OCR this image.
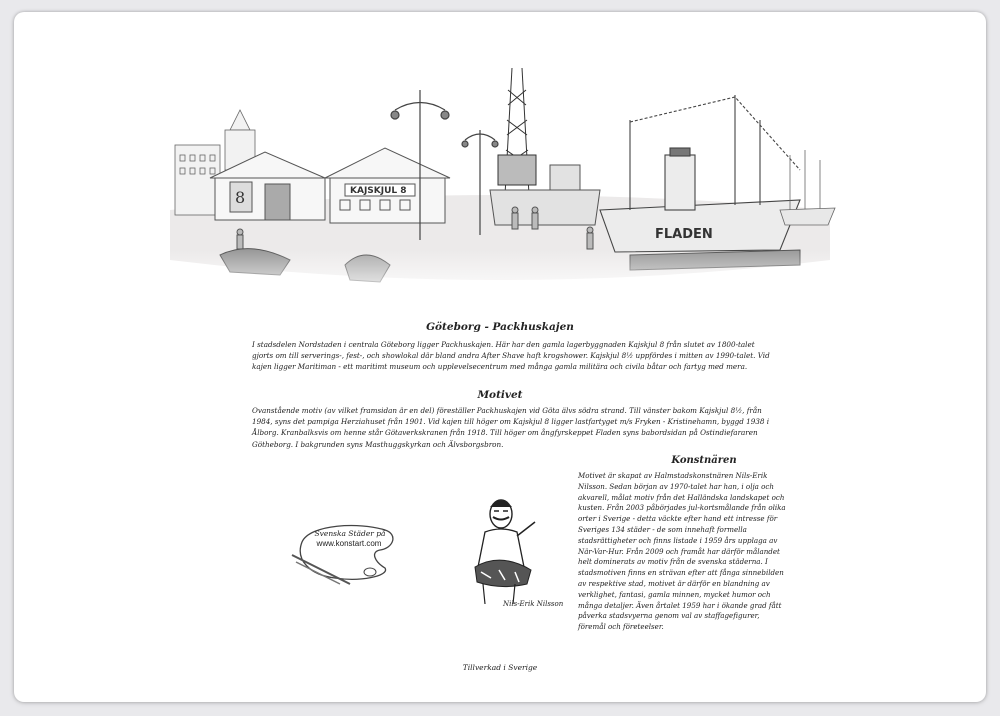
8	KAJSKJUL 8
FLADEN
Göteborg - Packhuskajen
I stadsdelen Nordstaden i centrala Göteborg ligger Packhuskajen. Här har den gamla lagerbyggnaden Kajskjul 8 från slutet av 1800-talet gjorts om till serverings-, fest-, och showlokal där bland andra After Shave haft krogshower. Kajskjul 8½ uppfördes i mitten av 1990-talet. Vid kajen ligger Maritiman - ett maritimt museum och upplevelsecentrum med många gamla militära och civila båtar och fartyg med mera.
Motivet
Ovanstående motiv (av vilket framsidan är en del) föreställer Packhuskajen vid Göta älvs södra strand. Till vänster bakom Kajskjul 8½, från 1984, syns det pampiga Herziahuset från 1901. Vid kajen till höger om Kajskjul 8 ligger lastfartyget m/s Fryken - Kristinehamn, byggd 1938 i Ålborg. Kranbalksvis om henne står Götaverkskranen från 1918. Till höger om ångfyrskeppet Fladen syns babordsidan på Ostindiefararen Götheborg. I bakgrunden syns Masthuggskyrkan och Älvsborgsbron.
Konstnären
Motivet är skapat av Halmstadskonstnären Nils-Erik Nilsson. Sedan början av 1970-talet har han, i olja och akvarell, målat motiv från det Halländska landskapet och kusten. Från 2003 påbörjades jul-kortsmålande från olika orter i Sverige - detta väckte efter hand ett intresse för Sveriges 134 städer - de som innehaft formella stadsrättigheter och finns listade i 1959 års upplaga av När-Var-Hur. Från 2009 och framåt har därför målandet helt dominerats av motiv från de svenska städerna. I stadsmotiven finns en strävan efter att fånga sinnebilden av respektive stad, motivet är därför en blandning av verklighet, fantasi, gamla minnen, mycket humor och många detaljer. Även årtalet 1959 har i ökande grad fått påverka stadsvyerna genom val av staffagefigurer, föremål och företeelser.
Svenska Städer på
www.konstart.com
Nils-Erik Nilsson
Tillverkad i Sverige
